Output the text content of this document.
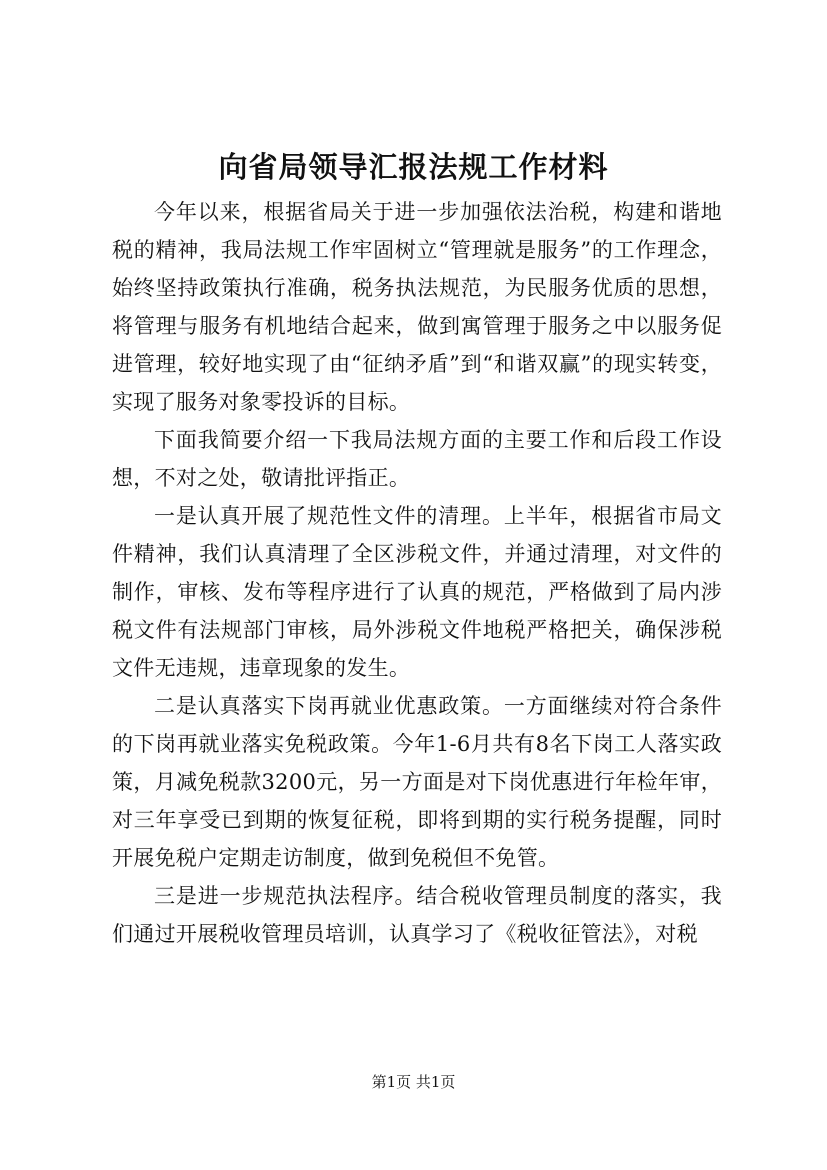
向省局领导汇报法规工作材料

今年以来，根据省局关于进一步加强依法治税，构建和谐地税的精神，我局法规工作牢固树立“管理就是服务”的工作理念，始终坚持政策执行准确，税务执法规范，为民服务优质的思想，将管理与服务有机地结合起来，做到寓管理于服务之中以服务促进管理，较好地实现了由“征纳矛盾”到“和谐双赢”的现实转变，实现了服务对象零投诉的目标。

下面我简要介绍一下我局法规方面的主要工作和后段工作设想，不对之处，敬请批评指正。

一是认真开展了规范性文件的清理。上半年，根据省市局文件精神，我们认真清理了全区涉税文件，并通过清理，对文件的制作，审核、发布等程序进行了认真的规范，严格做到了局内涉税文件有法规部门审核，局外涉税文件地税严格把关，确保涉税文件无违规，违章现象的发生。

二是认真落实下岗再就业优惠政策。一方面继续对符合条件的下岗再就业落实免税政策。今年1-6月共有8名下岗工人落实政策，月减免税款3200元，另一方面是对下岗优惠进行年检年审，对三年享受已到期的恢复征税，即将到期的实行税务提醒，同时开展免税户定期走访制度，做到免税但不免管。

三是进一步规范执法程序。结合税收管理员制度的落实，我们通过开展税收管理员培训，认真学习了《税收征管法》，对税

第1页 共1页
